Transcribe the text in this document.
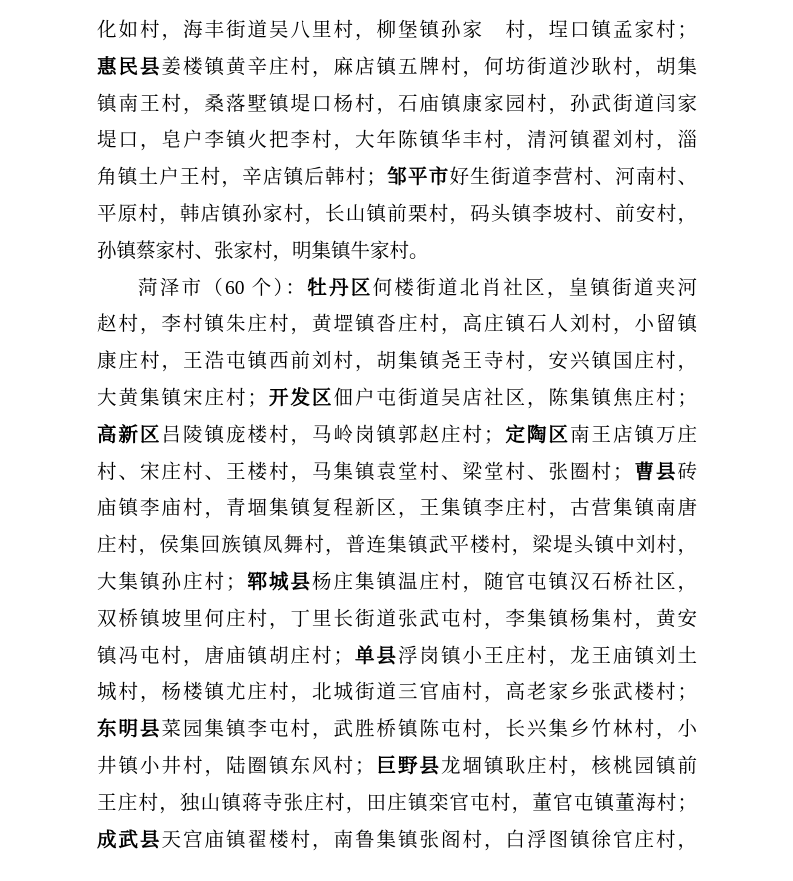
化如村，海丰街道吴八里村，柳堡镇孙家　村，埕口镇孟家村；
惠民县姜楼镇黄辛庄村，麻店镇五牌村，何坊街道沙耿村，胡集
镇南王村，桑落墅镇堤口杨村，石庙镇康家园村，孙武街道闫家
堤口，皂户李镇火把李村，大年陈镇华丰村，清河镇翟刘村，淄
角镇土户王村，辛店镇后韩村；邹平市好生街道李营村、河南村、
平原村，韩店镇孙家村，长山镇前栗村，码头镇李坡村、前安村，
孙镇蔡家村、张家村，明集镇牛家村。
菏泽市（60 个）：牡丹区何楼街道北肖社区，皇镇街道夹河
赵村，李村镇朱庄村，黄堽镇沓庄村，高庄镇石人刘村，小留镇
康庄村，王浩屯镇西前刘村，胡集镇尧王寺村，安兴镇国庄村，
大黄集镇宋庄村；开发区佃户屯街道吴店社区，陈集镇焦庄村；
高新区吕陵镇庞楼村，马岭岗镇郭赵庄村；定陶区南王店镇万庄
村、宋庄村、王楼村，马集镇袁堂村、梁堂村、张圈村；曹县砖
庙镇李庙村，青堌集镇复程新区，王集镇李庄村，古营集镇南唐
庄村，侯集回族镇凤舞村，普连集镇武平楼村，梁堤头镇中刘村，
大集镇孙庄村；郓城县杨庄集镇温庄村，随官屯镇汉石桥社区，
双桥镇坡里何庄村，丁里长街道张武屯村，李集镇杨集村，黄安
镇冯屯村，唐庙镇胡庄村；单县浮岗镇小王庄村，龙王庙镇刘土
城村，杨楼镇尤庄村，北城街道三官庙村，高老家乡张武楼村；
东明县菜园集镇李屯村，武胜桥镇陈屯村，长兴集乡竹林村，小
井镇小井村，陆圈镇东风村；巨野县龙堌镇耿庄村，核桃园镇前
王庄村，独山镇蒋寺张庄村，田庄镇栾官屯村，董官屯镇董海村；
成武县天宫庙镇翟楼村，南鲁集镇张阁村，白浮图镇徐官庄村，
